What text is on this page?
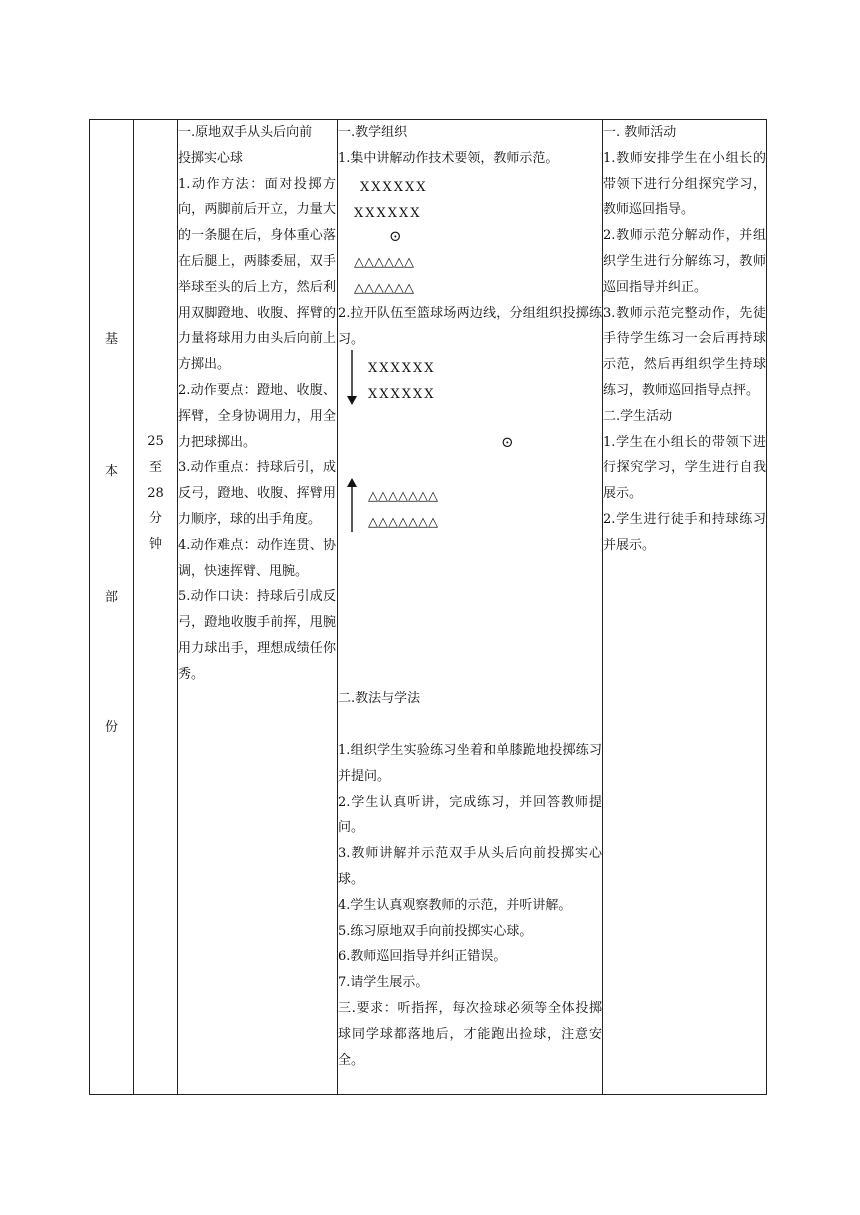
基
本
部
份
25
至
28
分
钟

一.原地双手从头后向前

投掷实心球

1.动作方法：面对投掷方向，两脚前后开立，力量大的一条腿在后，身体重心落在后腿上，两膝委屈，双手举球至头的后上方，然后利用双脚蹬地、收腹、挥臂的力量将球用力由头后向前上方掷出。

2.动作要点：蹬地、收腹、挥臂，全身协调用力，用全力把球掷出。

3.动作重点：持球后引，成反弓，蹬地、收腹、挥臂用力顺序，球的出手角度。

4.动作难点：动作连贯、协调，快速挥臂、甩腕。

5.动作口诀：持球后引成反弓，蹬地收腹手前挥，甩腕用力球出手，理想成绩任你秀。

一.教学组织

1.集中讲解动作技术要领，教师示范。

XXXXXX
XXXXXX
⊙
△△△△△△
△△△△△△

2.拉开队伍至篮球场两边线，分组组织投掷练习。

XXXXXX
XXXXXX
⊙
△△△△△△△
△△△△△△△

二.教法与学法

1.组织学生实验练习坐着和单膝跪地投掷练习并提问。

2.学生认真听讲，完成练习，并回答教师提问。

3.教师讲解并示范双手从头后向前投掷实心球。

4.学生认真观察教师的示范，并听讲解。

5.练习原地双手向前投掷实心球。

6.教师巡回指导并纠正错误。

7.请学生展示。

三.要求：听指挥，每次捡球必须等全体投掷球同学球都落地后，才能跑出捡球，注意安全。

一. 教师活动

1.教师安排学生在小组长的带领下进行分组探究学习，教师巡回指导。

2.教师示范分解动作，并组织学生进行分解练习，教师巡回指导并纠正。

3.教师示范完整动作，先徒手待学生练习一会后再持球示范，然后再组织学生持球练习，教师巡回指导点抨。

二.学生活动

1.学生在小组长的带领下进行探究学习，学生进行自我展示。

2.学生进行徒手和持球练习并展示。
